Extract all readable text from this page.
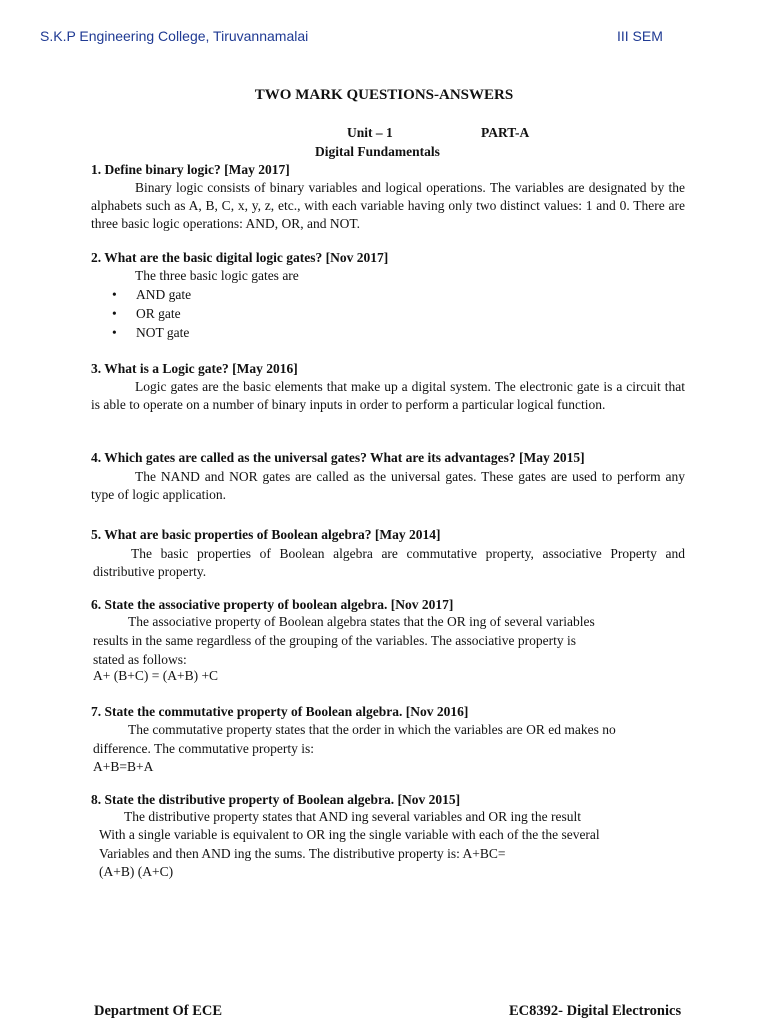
S.K.P Engineering College, Tiruvannamalai	III SEM
TWO MARK QUESTIONS-ANSWERS
Unit – 1	PART-A
Digital Fundamentals
1. Define binary logic? [May 2017]
Binary logic consists of binary variables and logical operations. The variables are designated by the alphabets such as A, B, C, x, y, z, etc., with each variable having only two distinct values: 1 and 0. There are three basic logic operations: AND, OR, and NOT.
2. What are the basic digital logic gates? [Nov 2017]
The three basic logic gates are
• AND gate
• OR gate
• NOT gate
3. What is a Logic gate? [May 2016]
Logic gates are the basic elements that make up a digital system. The electronic gate is a circuit that is able to operate on a number of binary inputs in order to perform a particular logical function.
4. Which gates are called as the universal gates? What are its advantages? [May 2015]
The NAND and NOR gates are called as the universal gates. These gates are used to perform any type of logic application.
5. What are basic properties of Boolean algebra? [May 2014]
The basic properties of Boolean algebra are commutative property, associative Property and distributive property.
6. State the associative property of boolean algebra. [Nov 2017]
The associative property of Boolean algebra states that the OR ing of several variables
results in the same regardless of the grouping of the variables. The associative property is
stated as follows:
A+ (B+C) = (A+B) +C
7. State the commutative property of Boolean algebra. [Nov 2016]
The commutative property states that the order in which the variables are OR ed makes no
difference. The commutative property is:
A+B=B+A
8. State the distributive property of Boolean algebra. [Nov 2015]
The distributive property states that AND ing several variables and OR ing the result
With a single variable is equivalent to OR ing the single variable with each of the the several
Variables and then AND ing the sums. The distributive property is: A+BC=
(A+B) (A+C)
Department Of ECE	EC8392- Digital Electronics
